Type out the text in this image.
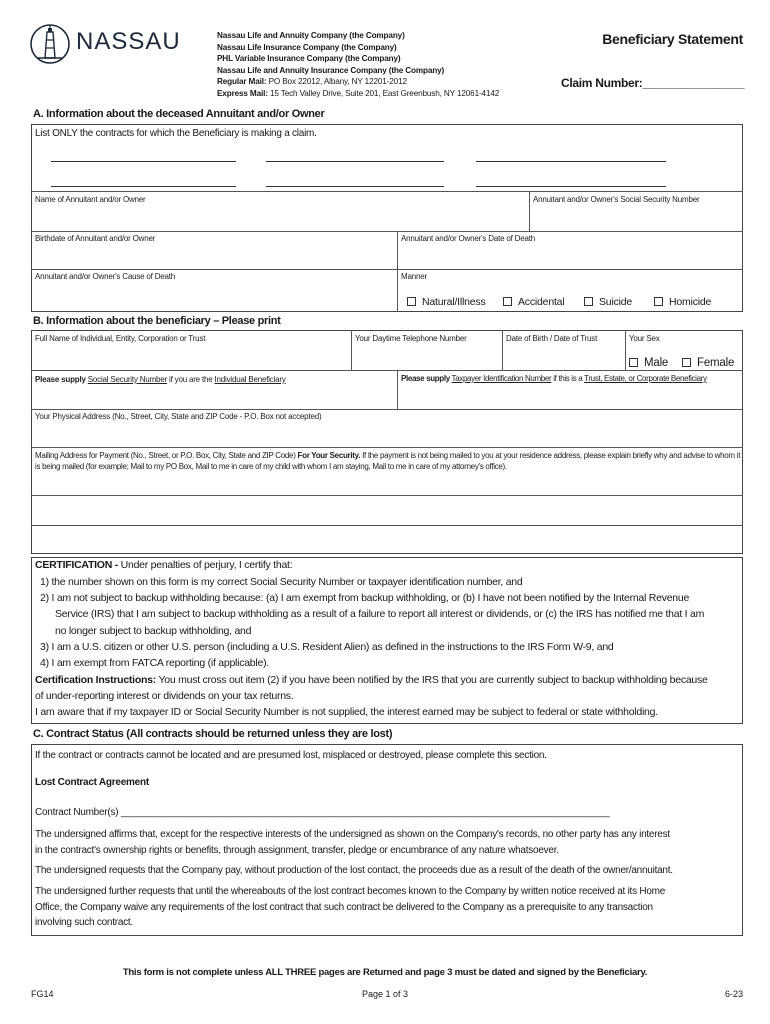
NASSAU	Nassau Life and Annuity Company (the Company)
Nassau Life Insurance Company (the Company)
PHL Variable Insurance Company (the Company)
Nassau Life and Annuity Insurance Company (the Company)
Regular Mail: PO Box 22012, Albany, NY 12201-2012
Express Mail: 15 Tech Valley Drive, Suite 201, East Greenbush, NY 12061-4142
Beneficiary Statement
Claim Number:________________
A. Information about the deceased Annuitant and/or Owner
List ONLY the contracts for which the Beneficiary is making a claim.
Name of Annuitant and/or Owner	Annuitant and/or Owner's Social Security Number
Birthdate of Annuitant and/or Owner	Annuitant and/or Owner's Date of Death
Annuitant and/or Owner's Cause of Death	Manner
Natural/Illness	Accidental	Suicide	Homicide
B. Information about the beneficiary – Please print
Full Name of Individual, Entity, Corporation or Trust	Your Daytime Telephone Number	Date of Birth / Date of Trust	Your Sex
Male	Female
Please supply Social Security Number if you are the Individual Beneficiary	Please supply Taxpayer Identification Number if this is a Trust, Estate, or Corporate Beneficiary
Your Physical Address (No., Street, City, State and ZIP Code - P.O. Box not accepted)
Mailing Address for Payment (No., Street, or P.O. Box, City, State and ZIP Code) For Your Security. If the payment is not being mailed to you at your residence address, please explain briefly why and advise to whom it is being mailed (for example; Mail to my PO Box, Mail to me in care of my child with whom I am staying, Mail to me in care of my attorney's office).
CERTIFICATION - Under penalties of perjury, I certify that:
1) the number shown on this form is my correct Social Security Number or taxpayer identification number, and
2) I am not subject to backup withholding because: (a) I am exempt from backup withholding, or (b) I have not been notified by the Internal Revenue
Service (IRS) that I am subject to backup withholding as a result of a failure to report all interest or dividends, or (c) the IRS has notified me that I am
no longer subject to backup withholding, and
3) I am a U.S. citizen or other U.S. person (including a U.S. Resident Alien) as defined in the instructions to the IRS Form W-9, and
4) I am exempt from FATCA reporting (if applicable).
Certification Instructions: You must cross out item (2) if you have been notified by the IRS that you are currently subject to backup withholding because
of under-reporting interest or dividends on your tax returns.
I am aware that if my taxpayer ID or Social Security Number is not supplied, the interest earned may be subject to federal or state withholding.
C. Contract Status (All contracts should be returned unless they are lost)
If the contract or contracts cannot be located and are presumed lost, misplaced or destroyed, please complete this section.
Lost Contract Agreement
Contract Number(s) ____________________________________________________________________________________________
The undersigned affirms that, except for the respective interests of the undersigned as shown on the Company's records, no other party has any interest
in the contract's ownership rights or benefits, through assignment, transfer, pledge or encumbrance of any nature whatsoever.
The undersigned requests that the Company pay, without production of the lost contact, the proceeds due as a result of the death of the owner/annuitant.
The undersigned further requests that until the whereabouts of the lost contract becomes known to the Company by written notice received at its Home
Office, the Company waive any requirements of the lost contract that such contract be delivered to the Company as a prerequisite to any transaction
involving such contract.
This form is not complete unless ALL THREE pages are Returned and page 3 must be dated and signed by the Beneficiary.
FG14	Page 1 of 3	6-23
